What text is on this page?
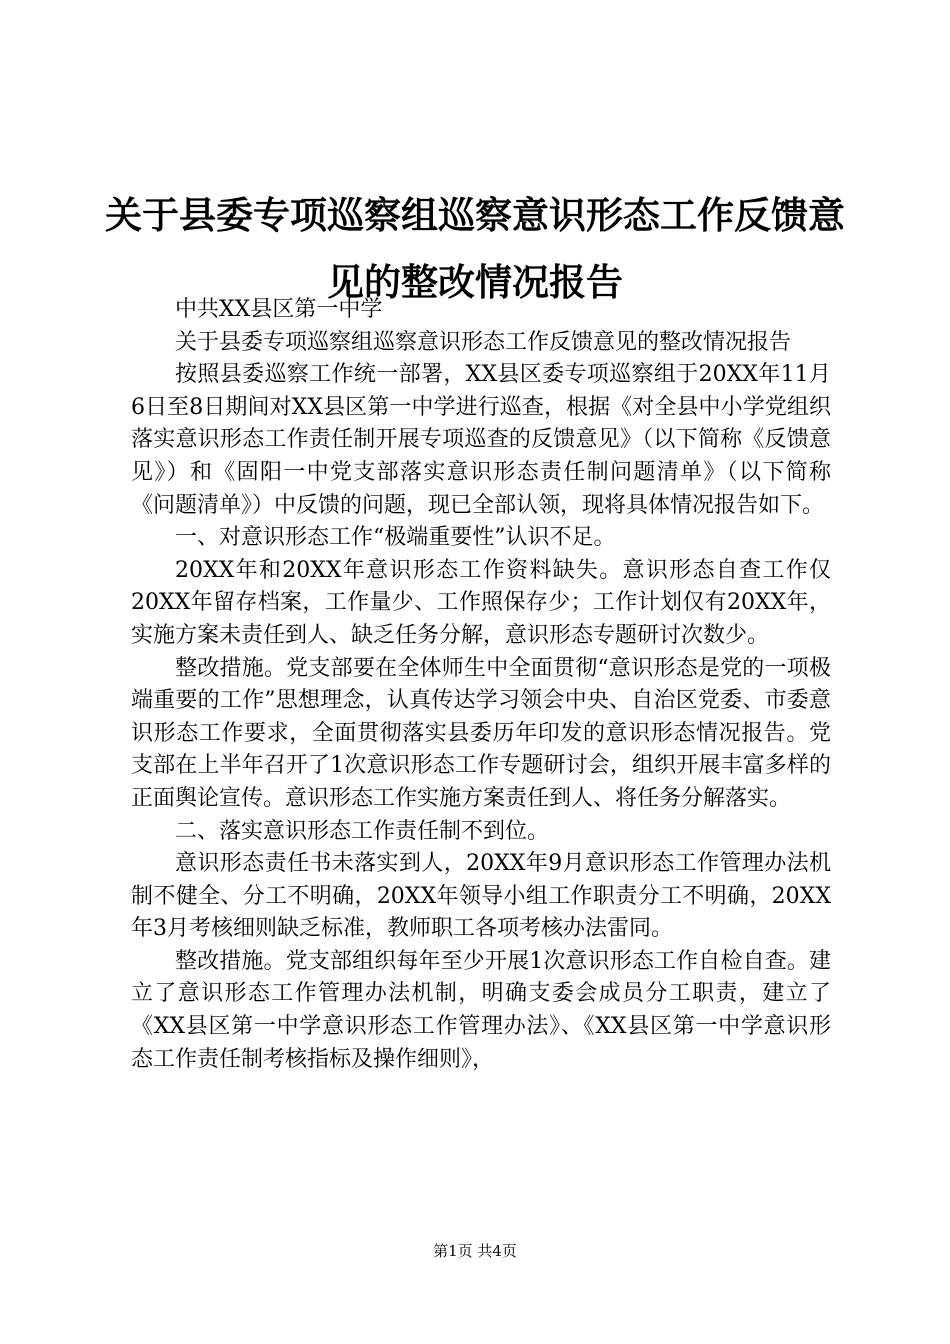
关于县委专项巡察组巡察意识形态工作反馈意见的整改情况报告

中共XX县区第一中学

关于县委专项巡察组巡察意识形态工作反馈意见的整改情况报告

按照县委巡察工作统一部署，XX县区委专项巡察组于20XX年11月6日至8日期间对XX县区第一中学进行巡查，根据《对全县中小学党组织落实意识形态工作责任制开展专项巡查的反馈意见》（以下简称《反馈意见》）和《固阳一中党支部落实意识形态责任制问题清单》（以下简称《问题清单》）中反馈的问题，现已全部认领，现将具体情况报告如下。

一、对意识形态工作“极端重要性”认识不足。

20XX年和20XX年意识形态工作资料缺失。意识形态自查工作仅20XX年留存档案，工作量少、工作照保存少；工作计划仅有20XX年，实施方案未责任到人、缺乏任务分解，意识形态专题研讨次数少。

整改措施。党支部要在全体师生中全面贯彻“意识形态是党的一项极端重要的工作”思想理念，认真传达学习领会中央、自治区党委、市委意识形态工作要求，全面贯彻落实县委历年印发的意识形态情况报告。党支部在上半年召开了1次意识形态工作专题研讨会，组织开展丰富多样的正面舆论宣传。意识形态工作实施方案责任到人、将任务分解落实。

二、落实意识形态工作责任制不到位。

意识形态责任书未落实到人，20XX年9月意识形态工作管理办法机制不健全、分工不明确，20XX年领导小组工作职责分工不明确，20XX年3月考核细则缺乏标准，教师职工各项考核办法雷同。

整改措施。党支部组织每年至少开展1次意识形态工作自检自查。建立了意识形态工作管理办法机制，明确支委会成员分工职责，建立了《XX县区第一中学意识形态工作管理办法》、《XX县区第一中学意识形态工作责任制考核指标及操作细则》，

第1页 共4页
